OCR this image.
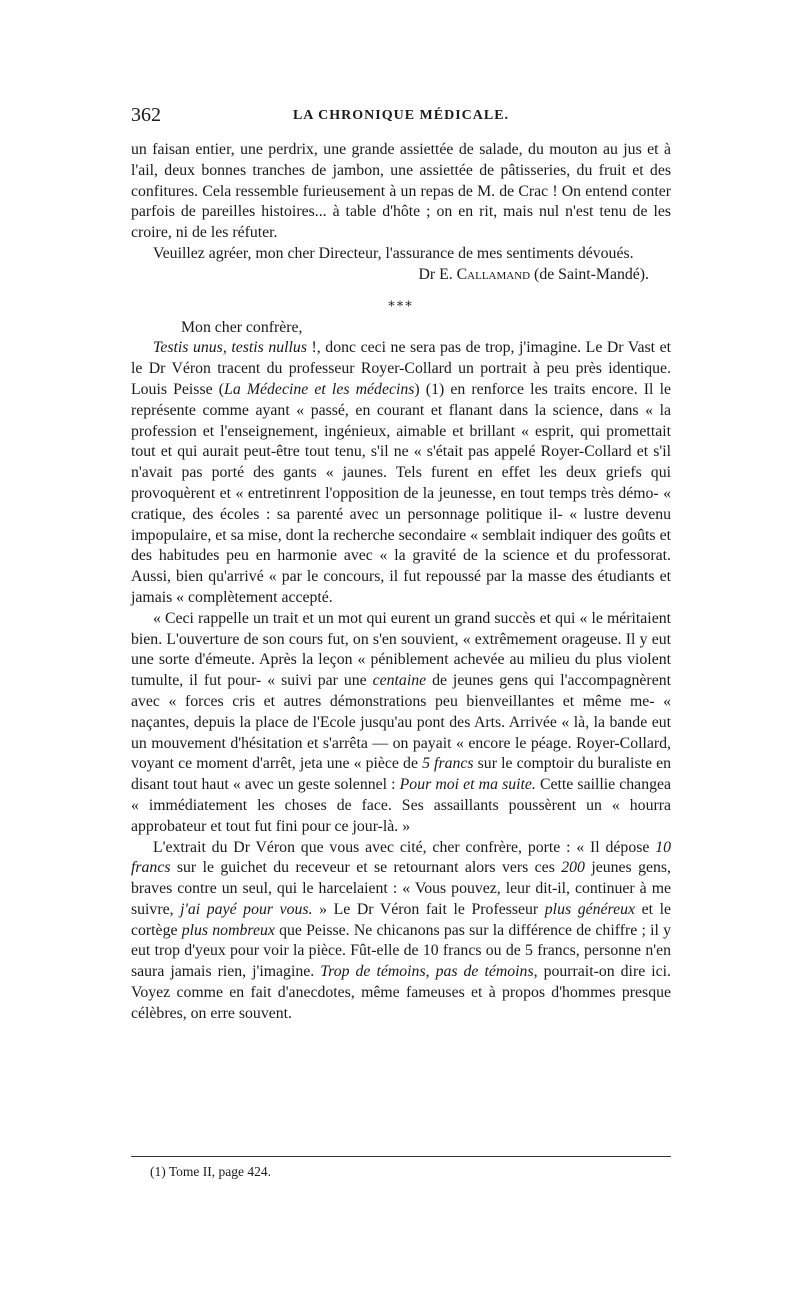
362	LA CHRONIQUE MÉDICALE.

un faisan entier, une perdrix, une grande assiettée de salade, du mouton au jus et à l'ail, deux bonnes tranches de jambon, une assiettée de pâtisseries, du fruit et des confitures. Cela ressemble furieusement à un repas de M. de Crac ! On entend conter parfois de pareilles histoires... à table d'hôte ; on en rit, mais nul n'est tenu de les croire, ni de les réfuter.

Veuillez agréer, mon cher Directeur, l'assurance de mes sentiments dévoués.

Dr E. Callamand (de Saint-Mandé).

⁎⁎⁎

Mon cher confrère,

Testis unus, testis nullus !, donc ceci ne sera pas de trop, j'imagine. Le Dr Vast et le Dr Véron tracent du professeur Royer-Collard un portrait à peu près identique. Louis Peisse (La Médecine et les médecins) (1) en renforce les traits encore. Il le représente comme ayant « passé, en courant et flanant dans la science, dans « la profession et l'enseignement, ingénieux, aimable et brillant « esprit, qui promettait tout et qui aurait peut-être tout tenu, s'il ne « s'était pas appelé Royer-Collard et s'il n'avait pas porté des gants « jaunes. Tels furent en effet les deux griefs qui provoquèrent et « entretinrent l'opposition de la jeunesse, en tout temps très démo- « cratique, des écoles : sa parenté avec un personnage politique il- « lustre devenu impopulaire, et sa mise, dont la recherche secondaire « semblait indiquer des goûts et des habitudes peu en harmonie avec « la gravité de la science et du professorat. Aussi, bien qu'arrivé « par le concours, il fut repoussé par la masse des étudiants et jamais « complètement accepté.

« Ceci rappelle un trait et un mot qui eurent un grand succès et qui « le méritaient bien. L'ouverture de son cours fut, on s'en souvient, « extrêmement orageuse. Il y eut une sorte d'émeute. Après la leçon « péniblement achevée au milieu du plus violent tumulte, il fut pour- « suivi par une centaine de jeunes gens qui l'accompagnèrent avec « forces cris et autres démonstrations peu bienveillantes et même me- « naçantes, depuis la place de l'Ecole jusqu'au pont des Arts. Arrivée « là, la bande eut un mouvement d'hésitation et s'arrêta — on payait « encore le péage. Royer-Collard, voyant ce moment d'arrêt, jeta une « pièce de 5 francs sur le comptoir du buraliste en disant tout haut « avec un geste solennel : Pour moi et ma suite. Cette saillie changea « immédiatement les choses de face. Ses assaillants poussèrent un « hourra approbateur et tout fut fini pour ce jour-là. »

L'extrait du Dr Véron que vous avec cité, cher confrère, porte : « Il dépose 10 francs sur le guichet du receveur et se retournant alors vers ces 200 jeunes gens, braves contre un seul, qui le harcelaient : « Vous pouvez, leur dit-il, continuer à me suivre, j'ai payé pour vous. » Le Dr Véron fait le Professeur plus généreux et le cortège plus nombreux que Peisse. Ne chicanons pas sur la différence de chiffre ; il y eut trop d'yeux pour voir la pièce. Fût-elle de 10 francs ou de 5 francs, personne n'en saura jamais rien, j'imagine. Trop de témoins, pas de témoins, pourrait-on dire ici. Voyez comme en fait d'anecdotes, même fameuses et à propos d'hommes presque célèbres, on erre souvent.

(1) Tome II, page 424.
